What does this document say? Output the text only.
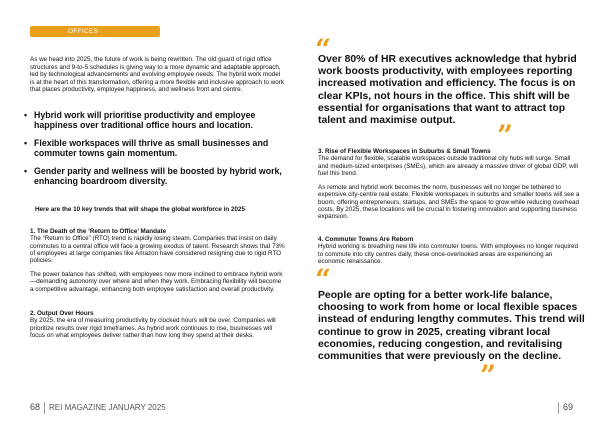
OFFICES
As we head into 2025, the future of work is being rewritten. The old guard of rigid office structures and 9-to-5 schedules is giving way to a more dynamic and adaptable approach, led by technological advancements and evolving employee needs. The hybrid work model is at the heart of this transformation, offering a more flexible and inclusive approach to work that places productivity, employee happiness, and wellness front and centre.
• Hybrid work will prioritise productivity and employee happiness over traditional office hours and location.
• Flexible workspaces will thrive as small businesses and commuter towns gain momentum.
• Gender parity and wellness will be boosted by hybrid work, enhancing boardroom diversity.

Here are the 10 key trends that will shape the global workforce in 2025

1. The Death of the ‘Return to Office’ Mandate

The “Return to Office” (RTO) trend is rapidly losing steam. Companies that insist on daily commutes to a central office will face a growing exodus of talent. Research shows that 73% of employees at large companies like Amazon have considered resigning due to rigid RTO policies.

The power balance has shifted, with employees now more inclined to embrace hybrid work—demanding autonomy over where and when they work. Embracing flexibility will become a competitive advantage, enhancing both employee satisfaction and overall productivity.

2. Output Over Hours

By 2025, the era of measuring productivity by clocked hours will be over. Companies will prioritize results over rigid timeframes. As hybrid work continues to rise, businesses will focus on what employees deliver rather than how long they spend at their desks.

68 REI MAGAZINE JANUARY 2025
“
Over 80% of HR executives acknowledge that hybrid work boosts productivity, with employees reporting increased motivation and efficiency. The focus is on clear KPIs, not hours in the office. This shift will be essential for organisations that want to attract top talent and maximise output.	”

3. Rise of Flexible Workspaces in Suburbs & Small Towns

The demand for flexible, scalable workspaces outside traditional city hubs will surge. Small and medium-sized enterprises (SMEs), which are already a massive driver of global GDP, will fuel this trend.

As remote and hybrid work becomes the norm, businesses will no longer be tethered to expensive city-centre real estate. Flexible workspaces in suburbs and smaller towns will see a boom, offering entrepreneurs, startups, and SMEs the space to grow while reducing overhead costs. By 2025, these locations will be crucial in fostering innovation and supporting business expansion.

4. Commuter Towns Are Reborn

Hybrid working is breathing new life into commuter towns. With employees no longer required to commute into city centres daily, these once-overlooked areas are experiencing an economic renaissance.

“
People are opting for a better work-life balance, choosing to work from home or local flexible spaces instead of enduring lengthy commutes. This trend will continue to grow in 2025, creating vibrant local economies, reducing congestion, and revitalising communities that were previously on the decline.
”
69
